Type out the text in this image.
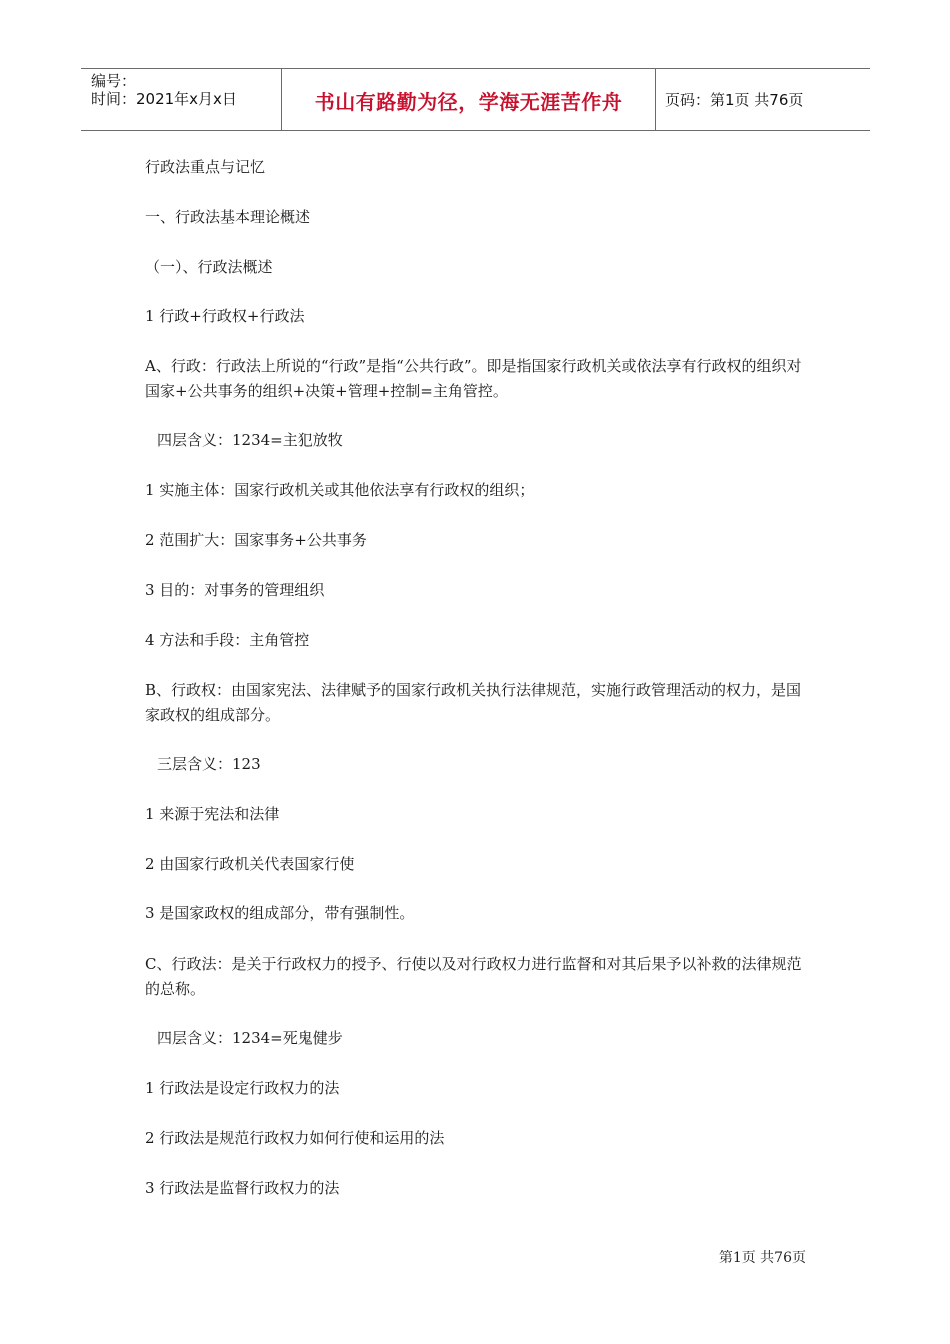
编号：
时间：2021年x月x日	书山有路勤为径，学海无涯苦作舟	页码：第1页 共76页
行政法重点与记忆
一、行政法基本理论概述
（一）、行政法概述
1 行政+行政权+行政法
A、行政：行政法上所说的“行政”是指“公共行政”。即是指国家行政机关或依法享有行政权的组织对国家+公共事务的组织+决策+管理+控制=主角管控。
四层含义：1234=主犯放牧
1 实施主体：国家行政机关或其他依法享有行政权的组织；
2 范围扩大：国家事务+公共事务
3 目的：对事务的管理组织
4 方法和手段：主角管控
B、行政权：由国家宪法、法律赋予的国家行政机关执行法律规范，实施行政管理活动的权力，是国家政权的组成部分。
三层含义：123
1 来源于宪法和法律
2 由国家行政机关代表国家行使
3 是国家政权的组成部分，带有强制性。
C、行政法：是关于行政权力的授予、行使以及对行政权力进行监督和对其后果予以补救的法律规范的总称。
四层含义：1234=死鬼健步
1 行政法是设定行政权力的法
2 行政法是规范行政权力如何行使和运用的法
3 行政法是监督行政权力的法
第1页 共76页
